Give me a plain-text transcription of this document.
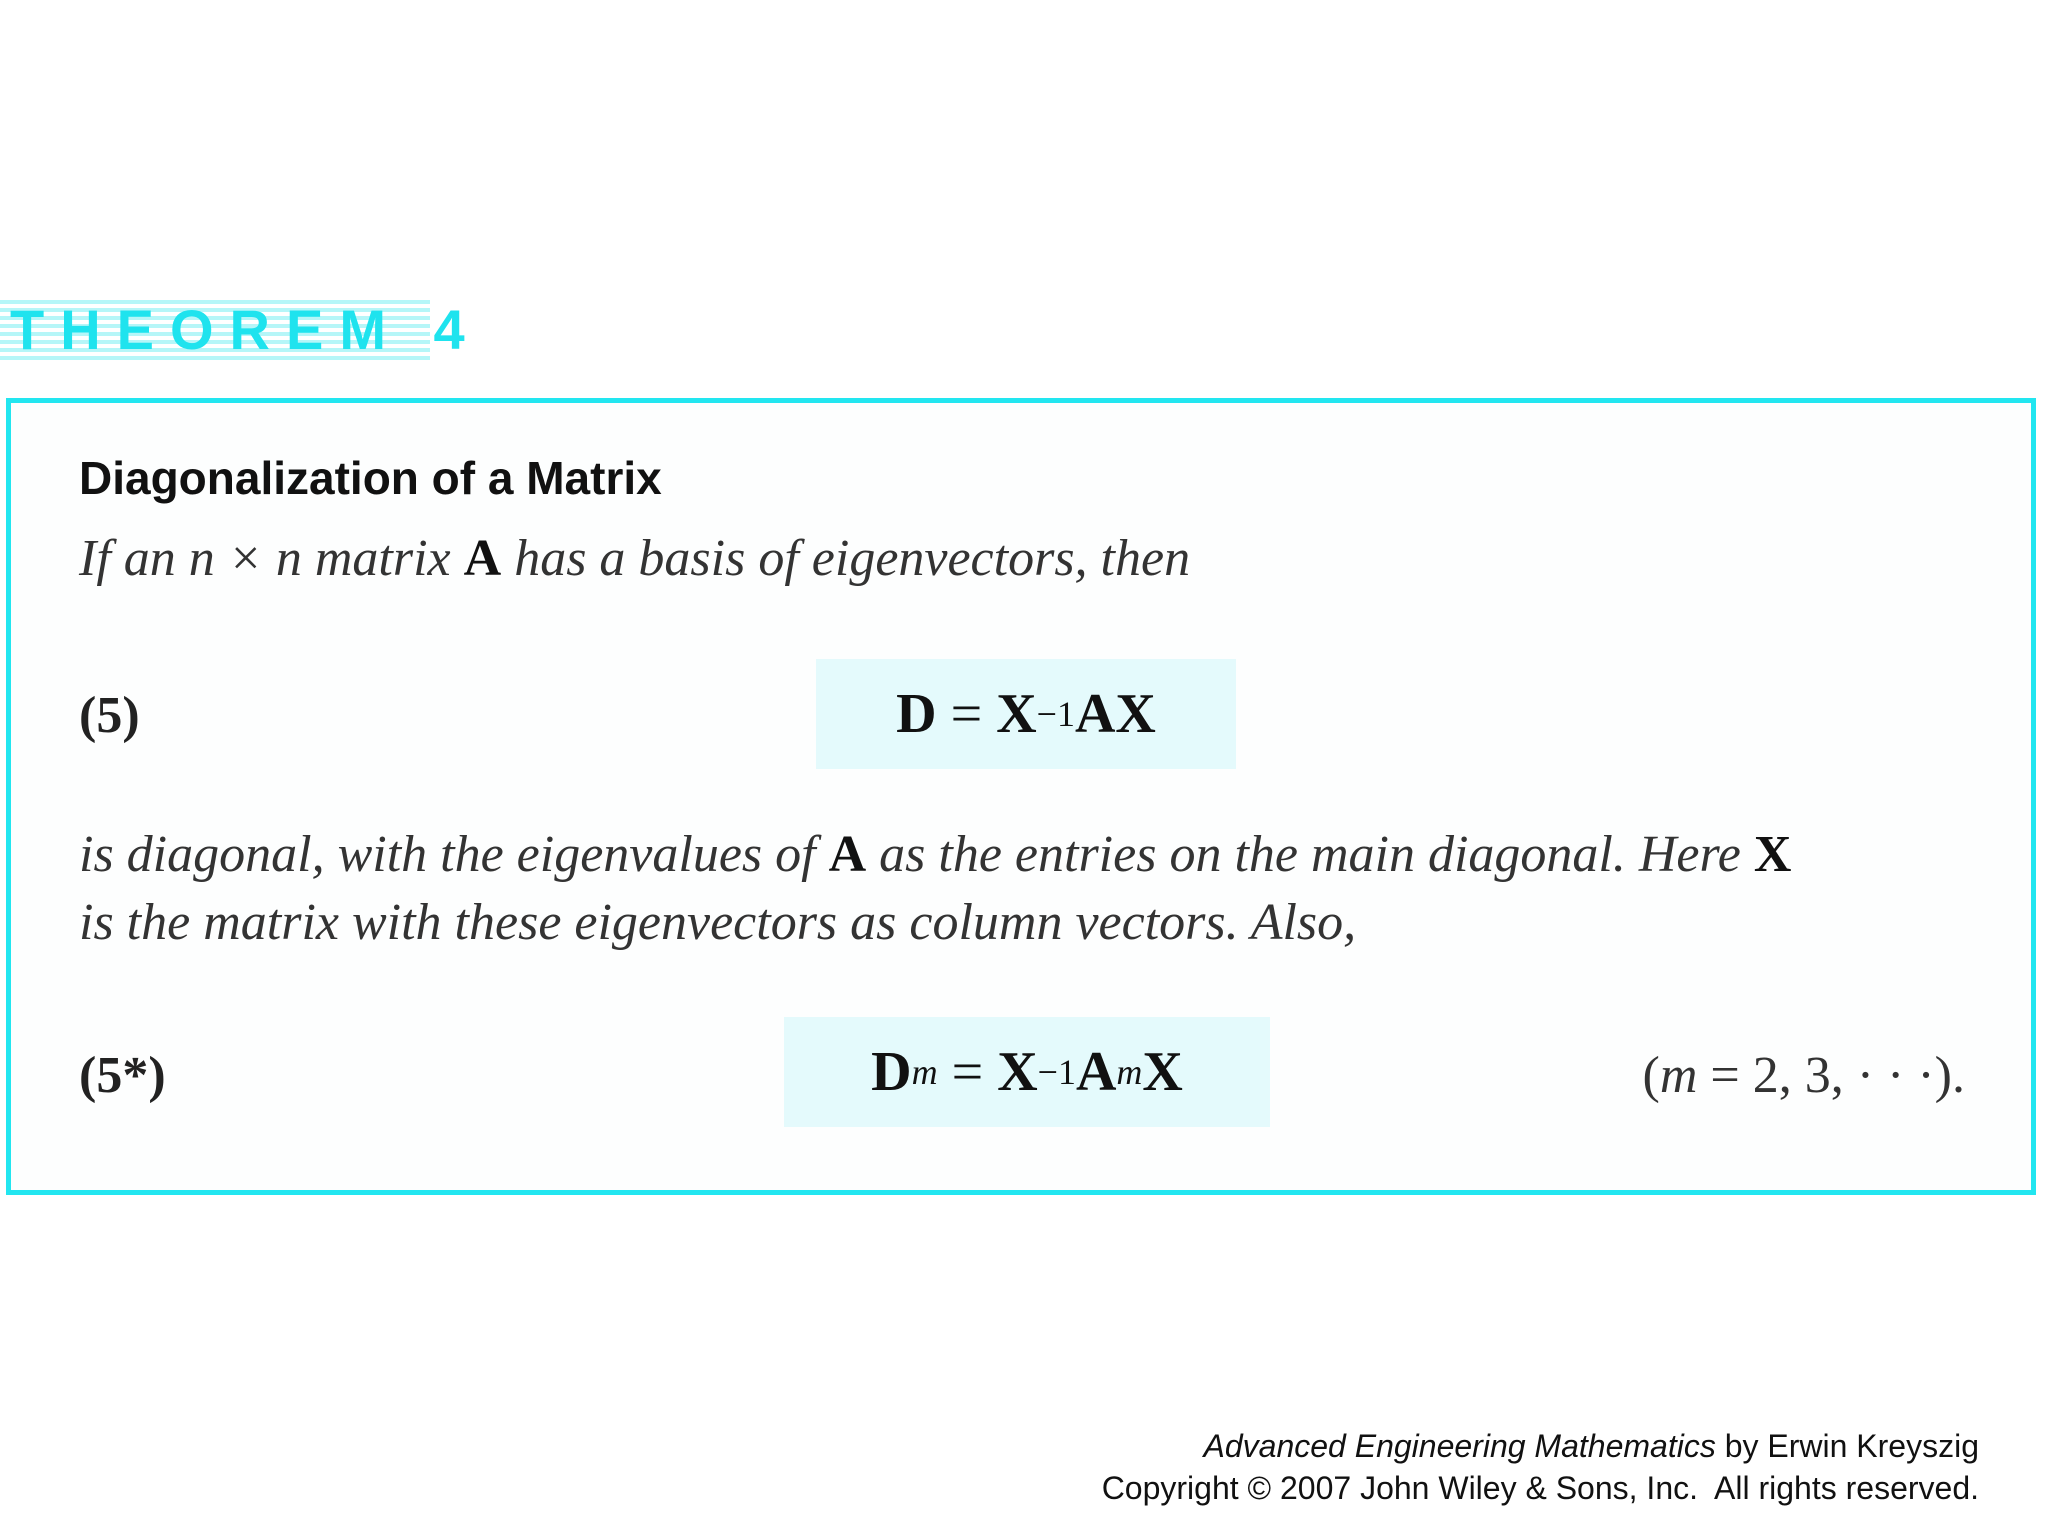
THEOREM 4
Diagonalization of a Matrix
If an n × n matrix A has a basis of eigenvectors, then
(5)	D = X −1 AX
is diagonal, with the eigenvalues of A as the entries on the main diagonal. Here X
is the matrix with these eigenvectors as column vectors. Also,
(5*)	D m = X −1 A m X	(m = 2, 3, · · ·).
Advanced Engineering Mathematics by Erwin Kreyszig
Copyright © 2007 John Wiley & Sons, Inc.  All rights reserved.
